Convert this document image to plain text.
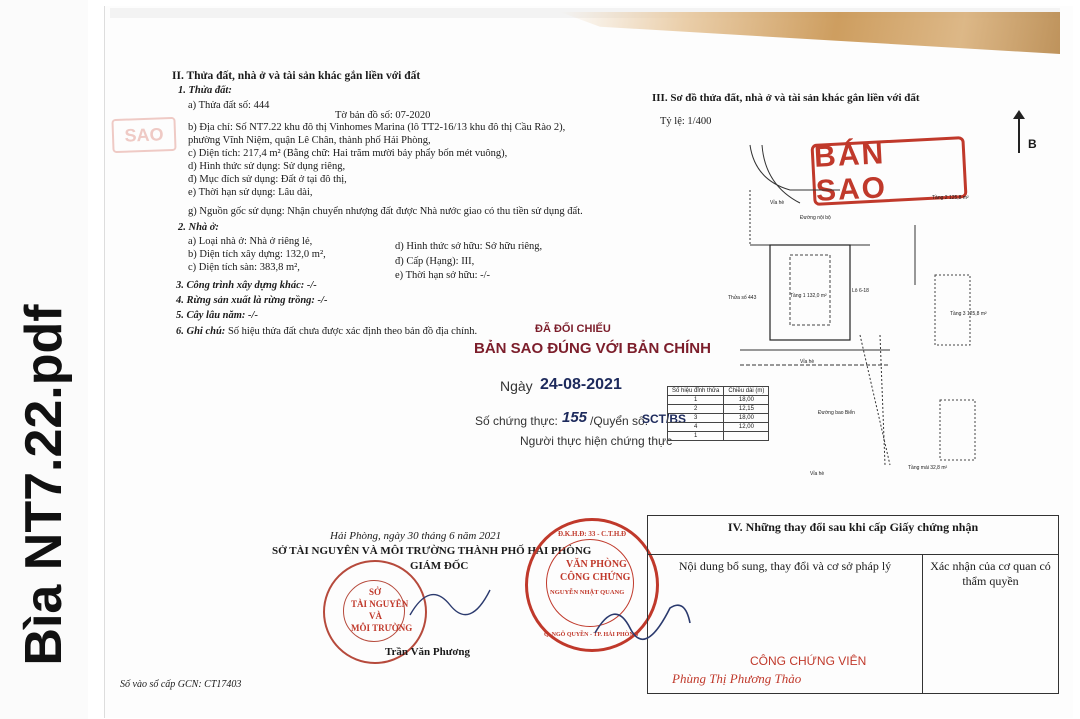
Bìa NT7.22.pdf
II. Thửa đất, nhà ở và tài sản khác gắn liền với đất
1. Thửa đất:
a) Thửa đất số: 444
Tờ bản đồ số: 07-2020
b) Địa chỉ: Số NT7.22 khu đô thị Vinhomes Marina (lô TT2-16/13 khu đô thị Cầu Rào 2),
phường Vĩnh Niệm, quận Lê Chân, thành phố Hải Phòng,
c) Diện tích: 217,4 m² (Bằng chữ: Hai trăm mười bảy phẩy bốn mét vuông),
d) Hình thức sử dụng: Sử dụng riêng,
đ) Mục đích sử dụng: Đất ở tại đô thị,
e) Thời hạn sử dụng: Lâu dài,
g) Nguồn gốc sử dụng: Nhận chuyển nhượng đất được Nhà nước giao có thu tiền sử dụng đất.
2. Nhà ở:
a) Loại nhà ở: Nhà ở riêng lẻ,
b) Diện tích xây dựng: 132,0 m²,
c) Diện tích sàn: 383,8 m²,
d) Hình thức sở hữu: Sở hữu riêng,
đ) Cấp (Hạng): III,
e) Thời hạn sở hữu: -/-
3. Công trình xây dựng khác: -/-
4. Rừng sản xuất là rừng trồng: -/-
5. Cây lâu năm: -/-
6. Ghi chú: Số hiệu thửa đất chưa được xác định theo bản đồ địa chính.
SAO
III. Sơ đồ thửa đất, nhà ở và tài sản khác gắn liền với đất
Tỷ lệ: 1/400
B
BÁN SAO
Vỉa hè
Đường nội bộ
Thửa số 443	Tầng 1 132,0 m²
Lô 6-18
Vỉa hè
Đường bao Biển
Vỉa hè
Tầng 2 125,8 m²
Tầng 3 125,8 m²
Tầng mái 32,8 m²
ĐÃ ĐỐI CHIẾU
BẢN SAO ĐÚNG VỚI BẢN CHÍNH
Ngày 24-08-2021
Số chứng thực: 155 /Quyển số:
SCT/BS
Người thực hiện chứng thực
Số hiệu đỉnh thửa	Chiều dài (m)
1	18,00
2	12,15
3	18,00
4	12,00
1	
Hải Phòng, ngày 30 tháng 6 năm 2021
SỞ TÀI NGUYÊN VÀ MÔI TRƯỜNG THÀNH PHỐ HẢI PHÒNG
GIÁM ĐỐC
SỞ
TÀI NGUYÊN
VÀ
MÔI TRƯỜNG
Trần Văn Phương
Số vào sổ cấp GCN: CT17403
Đ.K.H.Đ: 33 - C.T.H.Đ
VĂN PHÒNG
CÔNG CHỨNG
NGUYỄN NHẬT QUANG
Q. NGÔ QUYỀN - TP. HẢI PHÒNG
IV. Những thay đổi sau khi cấp Giấy chứng nhận
Nội dung bổ sung, thay đổi và cơ sở pháp lý	Xác nhận của cơ quan có thẩm quyền
CÔNG CHỨNG VIÊN
Phùng Thị Phương Thảo
